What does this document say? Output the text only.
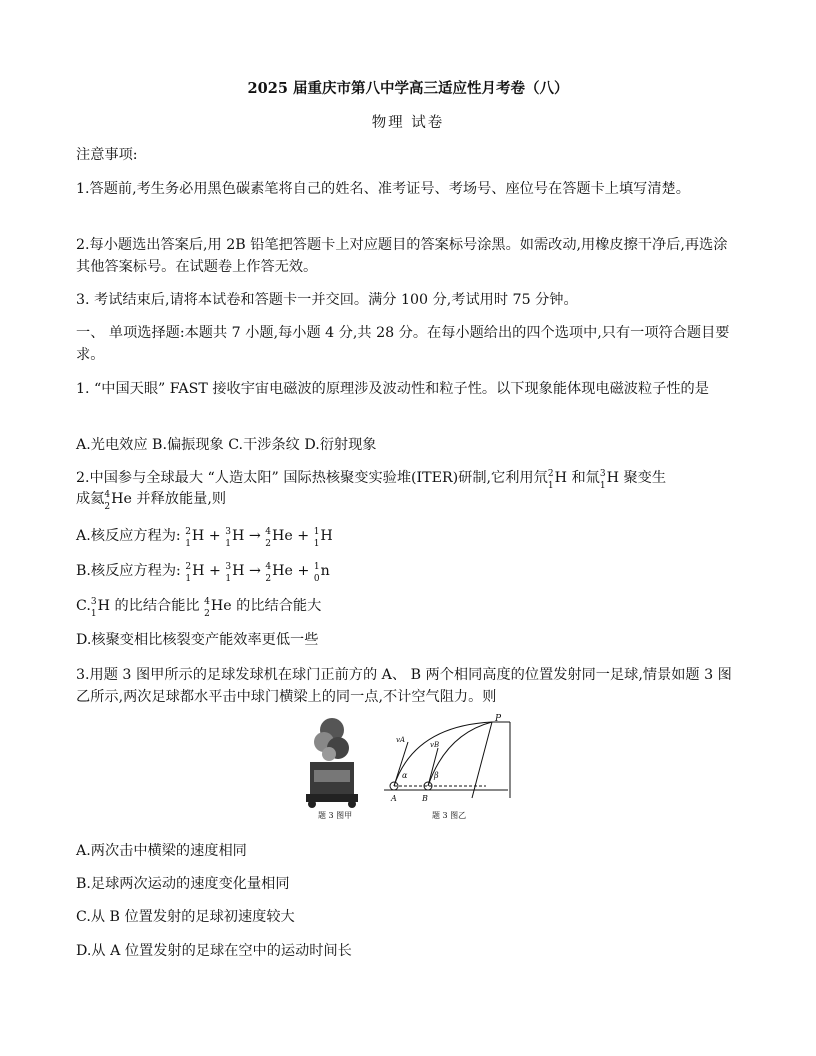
2025 届重庆市第八中学高三适应性月考卷（八）
物理 试卷
注意事项:
1.答题前,考生务必用黑色碳素笔将自己的姓名、准考证号、考场号、座位号在答题卡上填写清楚。
2.每小题选出答案后,用 2B 铅笔把答题卡上对应题目的答案标号涂黑。如需改动,用橡皮擦干净后,再选涂其他答案标号。在试题卷上作答无效。
3. 考试结束后,请将本试卷和答题卡一并交回。满分 100 分,考试用时 75 分钟。
一、 单项选择题:本题共 7 小题,每小题 4 分,共 28 分。在每小题给出的四个选项中,只有一项符合题目要求。
1. “中国天眼” FAST 接收宇宙电磁波的原理涉及波动性和粒子性。以下现象能体现电磁波粒子性的是
A.光电效应 B.偏振现象 C.干涉条纹 D.衍射现象
2.中国参与全球最大 “人造太阳” 国际热核聚变实验堆(ITER)研制,它利用氘 2
1 H 和氚 3
1 H 聚变生
成氦 4
2 He 并释放能量,则
A.核反应方程为: 2
1 H + 3
1 H → 4
2 He + 1
1 H
B.核反应方程为: 2
1 H + 3
1 H → 4
2 He + 1
0 n
C. 3
1 H 的比结合能比 4
2 He 的比结合能大
D.核聚变相比核裂变产能效率更低一些
3.用题 3 图甲所示的足球发球机在球门正前方的 A、 B 两个相同高度的位置发射同一足球,情景如题 3 图乙所示,两次足球都水平击中球门横梁上的同一点,不计空气阻力。则
题 3 图甲
P
A	B
vA
vB
α	β
题 3 图乙
A.两次击中横梁的速度相同
B.足球两次运动的速度变化量相同
C.从 B 位置发射的足球初速度较大
D.从 A 位置发射的足球在空中的运动时间长
